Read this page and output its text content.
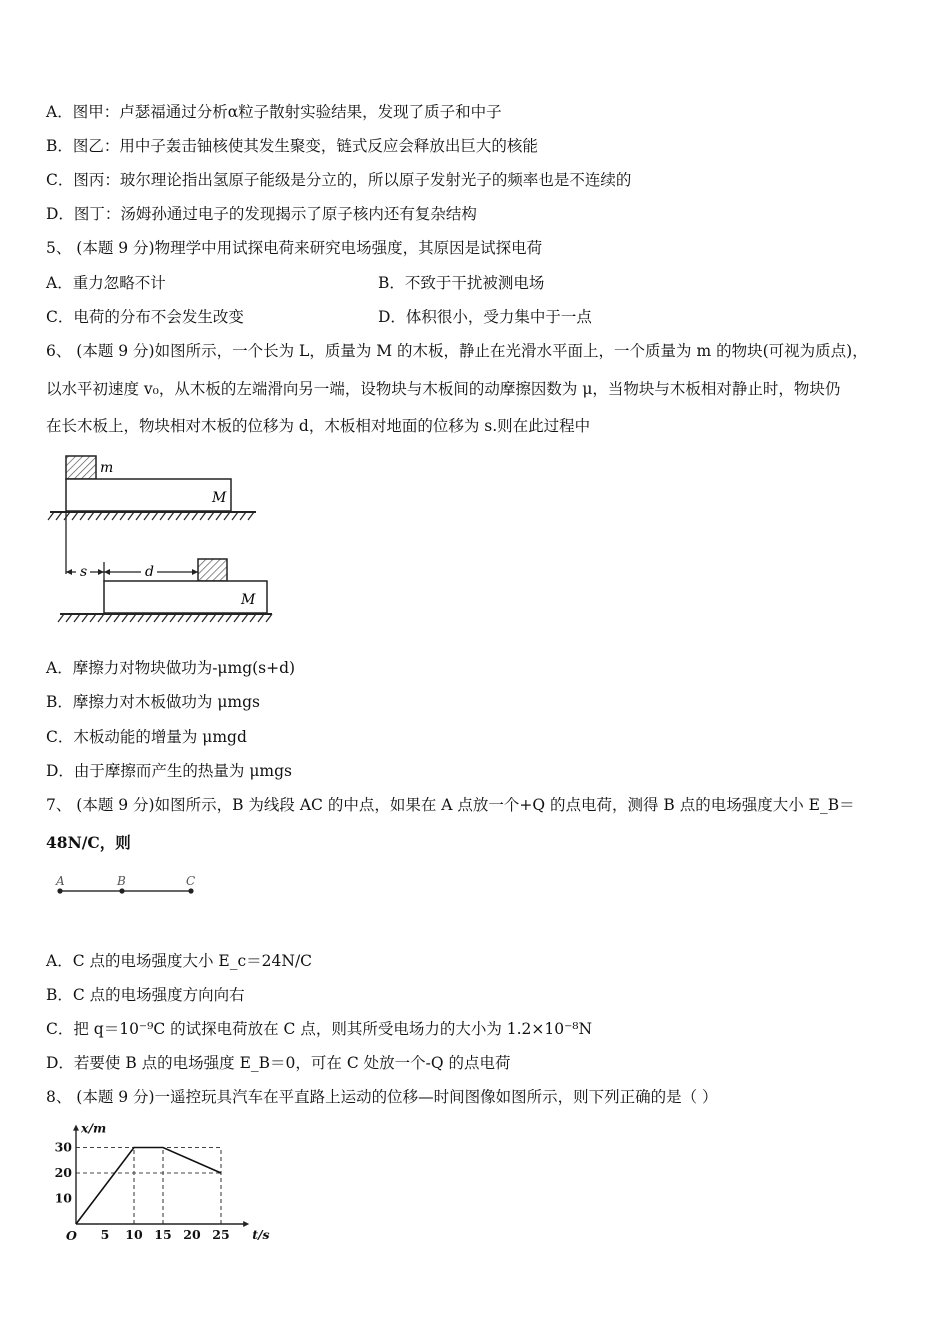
A．图甲：卢瑟福通过分析α粒子散射实验结果，发现了质子和中子
B．图乙：用中子轰击铀核使其发生聚变，链式反应会释放出巨大的核能
C．图丙：玻尔理论指出氢原子能级是分立的，所以原子发射光子的频率也是不连续的
D．图丁：汤姆孙通过电子的发现揭示了原子核内还有复杂结构
5、 (本题 9 分)物理学中用试探电荷来研究电场强度，其原因是试探电荷
A．重力忽略不计	B．不致于干扰被测电场
C．电荷的分布不会发生改变	D．体积很小，受力集中于一点
6、 (本题 9 分)如图所示，一个长为 L，质量为 M 的木板，静止在光滑水平面上，一个质量为 m 的物块(可视为质点)，
以水平初速度 v₀，从木板的左端滑向另一端，设物块与木板间的动摩擦因数为 μ，当物块与木板相对静止时，物块仍
在长木板上，物块相对木板的位移为 d，木板相对地面的位移为 s.则在此过程中
m
M
s	d
M
A．摩擦力对物块做功为-μmg(s+d)
B．摩擦力对木板做功为 μmgs
C．木板动能的增量为 μmgd
D．由于摩擦而产生的热量为 μmgs
7、 (本题 9 分)如图所示，B 为线段 AC 的中点，如果在 A 点放一个+Q 的点电荷，测得 B 点的电场强度大小 E_B＝
48N/C，则
A	B	C
A．C 点的电场强度大小 E_c＝24N/C
B．C 点的电场强度方向向右
C．把 q＝10⁻⁹C 的试探电荷放在 C 点，则其所受电场力的大小为 1.2×10⁻⁸N
D．若要使 B 点的电场强度 E_B＝0，可在 C 处放一个-Q 的点电荷
8、 (本题 9 分)一遥控玩具汽车在平直路上运动的位移—时间图像如图所示，则下列正确的是（ ）
5 10 15 20 25
10
20
30
O	t/s
x/m
